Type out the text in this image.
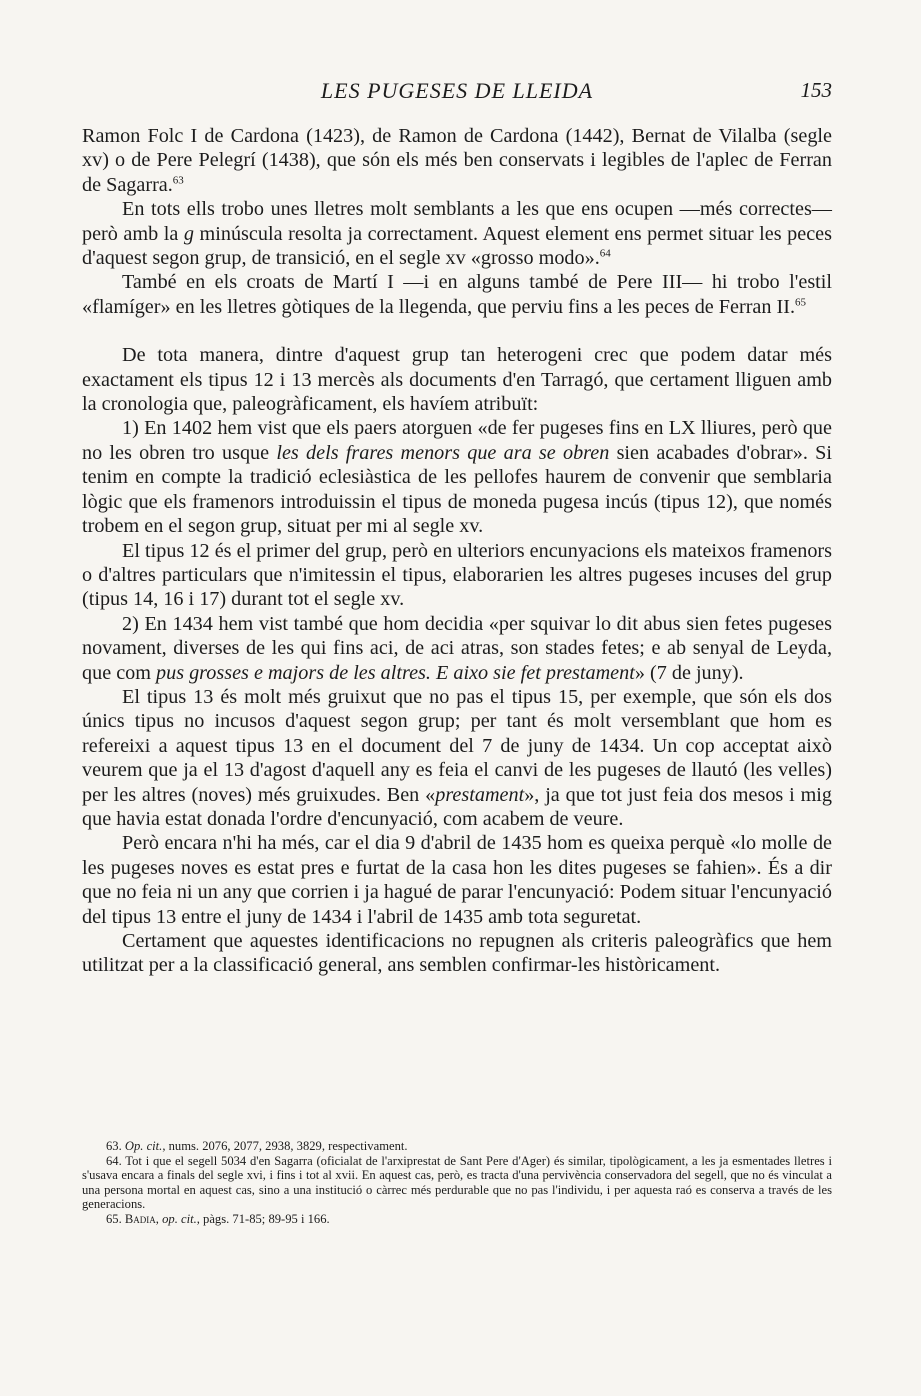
LES PUGESES DE LLEIDA	153

Ramon Folc I de Cardona (1423), de Ramon de Cardona (1442), Bernat de Vilalba (segle xv) o de Pere Pelegrí (1438), que són els més ben conservats i legibles de l'aplec de Ferran de Sagarra.$^{63}$

En tots ells trobo unes lletres molt semblants a les que ens ocupen —més correctes— però amb la g minúscula resolta ja correctament. Aquest element ens permet situar les peces d'aquest segon grup, de transició, en el segle xv «grosso modo».$^{64}$

També en els croats de Martí I —i en alguns també de Pere III— hi trobo l'estil «flamíger» en les lletres gòtiques de la llegenda, que perviu fins a les peces de Ferran II.$^{65}$

De tota manera, dintre d'aquest grup tan heterogeni crec que podem datar més exactament els tipus 12 i 13 mercès als documents d'en Tarragó, que certament lliguen amb la cronologia que, paleogràficament, els havíem atribuït:

1) En 1402 hem vist que els paers atorguen «de fer pugeses fins en LX lliures, però que no les obren tro usque les dels frares menors que ara se obren sien acabades d'obrar». Si tenim en compte la tradició eclesiàstica de les pellofes haurem de convenir que semblaria lògic que els framenors introduissin el tipus de moneda pugesa incús (tipus 12), que només trobem en el segon grup, situat per mi al segle xv.

El tipus 12 és el primer del grup, però en ulteriors encunyacions els mateixos framenors o d'altres particulars que n'imitessin el tipus, elaborarien les altres pugeses incuses del grup (tipus 14, 16 i 17) durant tot el segle xv.

2) En 1434 hem vist també que hom decidia «per squivar lo dit abus sien fetes pugeses novament, diverses de les qui fins aci, de aci atras, son stades fetes; e ab senyal de Leyda, que com pus grosses e majors de les altres. E aixo sie fet prestament» (7 de juny).

El tipus 13 és molt més gruixut que no pas el tipus 15, per exemple, que són els dos únics tipus no incusos d'aquest segon grup; per tant és molt versemblant que hom es refereixi a aquest tipus 13 en el document del 7 de juny de 1434. Un cop acceptat això veurem que ja el 13 d'agost d'aquell any es feia el canvi de les pugeses de llautó (les velles) per les altres (noves) més gruixudes. Ben «prestament», ja que tot just feia dos mesos i mig que havia estat donada l'ordre d'encunyació, com acabem de veure.

Però encara n'hi ha més, car el dia 9 d'abril de 1435 hom es queixa perquè «lo molle de les pugeses noves es estat pres e furtat de la casa hon les dites pugeses se fahien». És a dir que no feia ni un any que corrien i ja hagué de parar l'encunyació: Podem situar l'encunyació del tipus 13 entre el juny de 1434 i l'abril de 1435 amb tota seguretat.

Certament que aquestes identificacions no repugnen als criteris paleogràfics que hem utilitzat per a la classificació general, ans semblen confirmar-les històricament.

63. Op. cit., nums. 2076, 2077, 2938, 3829, respectivament.

64. Tot i que el segell 5034 d'en Sagarra (oficialat de l'arxiprestat de Sant Pere d'Ager) és similar, tipològicament, a les ja esmentades lletres i s'usava encara a finals del segle xvi, i fins i tot al xvii. En aquest cas, però, es tracta d'una pervivència conservadora del segell, que no és vinculat a una persona mortal en aquest cas, sino a una institució o càrrec més perdurable que no pas l'individu, i per aquesta raó es conserva a través de les generacions.

65. Badia, op. cit., pàgs. 71-85; 89-95 i 166.
